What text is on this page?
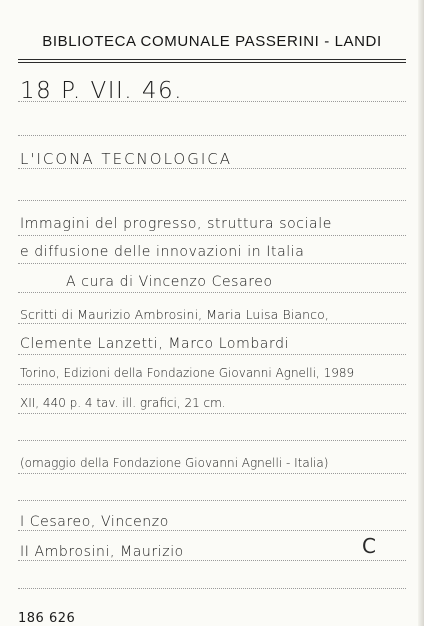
BIBLIOTECA COMUNALE PASSERINI - LANDI
18 P. VII. 46.
L'ICONA TECNOLOGICA
Immagini del progresso, struttura sociale
e diffusione delle innovazioni in Italia
A cura di Vincenzo Cesareo
Scritti di Maurizio Ambrosini, Maria Luisa Bianco,
Clemente Lanzetti, Marco Lombardi
Torino, Edizioni della Fondazione Giovanni Agnelli, 1989
XII, 440 p. 4 tav. ill. grafici, 21 cm.
(omaggio della Fondazione Giovanni Agnelli - Italia)
I Cesareo, Vincenzo
II Ambrosini, Maurizio	C
186 626
